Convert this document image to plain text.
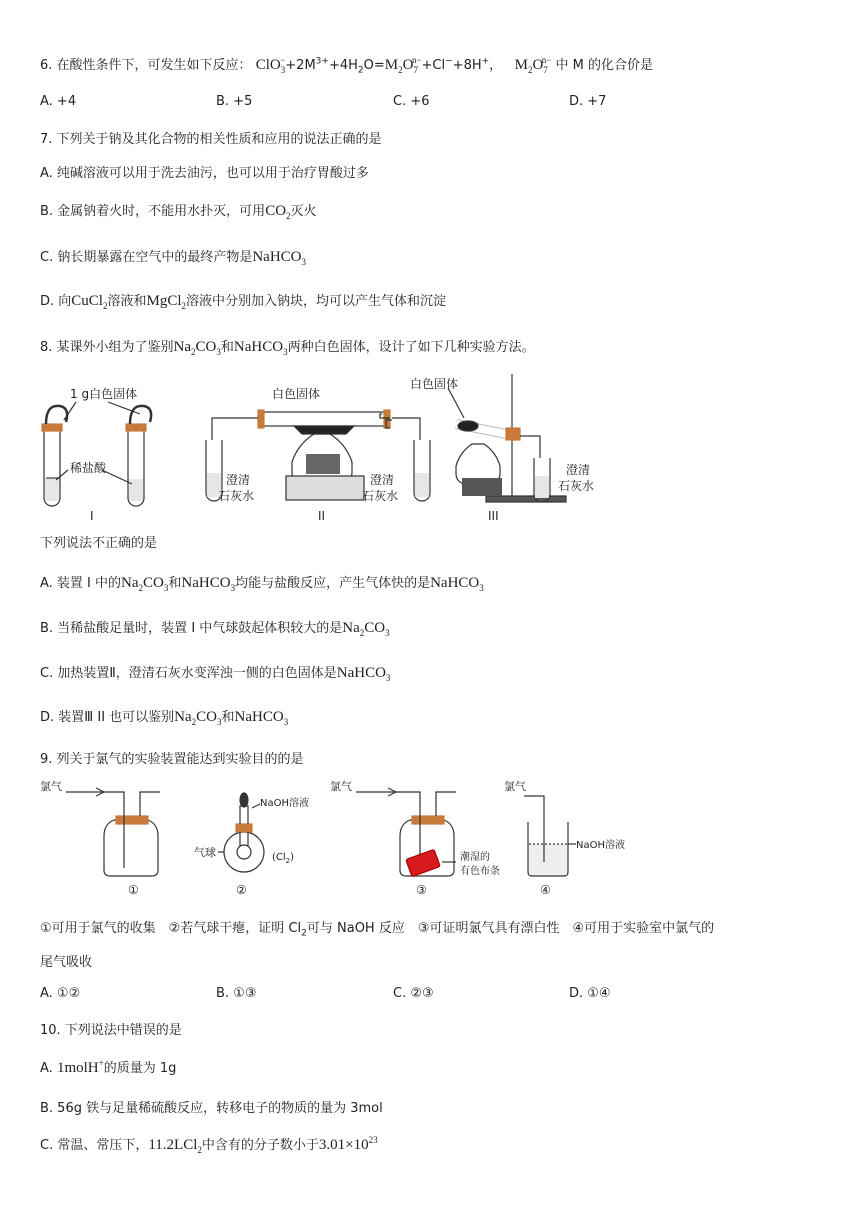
6. 在酸性条件下，可发生如下反应： $ClO_3^-+2M^{3+}+4H_2O=M_2O_7^{n-}+Cl^-+8H^+$， $M_2O_7^{n-}$ 中 M 的化合价是
A. +4	B. +5	C. +6	D. +7
7. 下列关于钠及其化合物的相关性质和应用的说法正确的是
A. 纯碱溶液可以用于洗去油污，也可以用于治疗胃酸过多
B. 金属钠着火时，不能用水扑灭，可用$CO_2$灭火
C. 钠长期暴露在空气中的最终产物是NaHCO$_3$
D. 向CuCl$_2$溶液和MgCl$_2$溶液中分别加入钠块，均可以产生气体和沉淀
8. 某课外小组为了鉴别$Na_2CO_3$和NaHCO$_3$两种白色固体，设计了如下几种实验方法。
1 g白色固体
稀盐酸
I
白色固体
澄清
石灰水
澄清
石灰水
II
白色固体
澄清
石灰水
III
下列说法不正确的是
A. 装置 I 中的$Na_2CO_3$和NaHCO$_3$均能与盐酸反应，产生气体快的是NaHCO$_3$
B. 当稀盐酸足量时，装置 I 中气球鼓起体积较大的是$Na_2CO_3$
C. 加热装置Ⅱ，澄清石灰水变浑浊一侧的白色固体是NaHCO$_3$
D. 装置Ⅲ II 也可以鉴别$Na_2CO_3$和NaHCO$_3$
9. 列关于氯气的实验装置能达到实验目的的是
氯气
①
NaOH溶液
气球	$(Cl_2)$
②
氯气
潮湿的
有色布条
③
氯气
NaOH溶液
④
①可用于氯气的收集　②若气球干瘪，证明 $Cl_2$可与 NaOH 反应　③可证明氯气具有漂白性　④可用于实验室中氯气的
尾气吸收
A. ①②	B. ①③	C. ②③	D. ①④
10. 下列说法中错误的是
A. 1molH+的质量为 1g
B. 56g 铁与足量稀硫酸反应，转移电子的物质的量为 3mol
C. 常温、常压下，11.2LCl$_2$中含有的分子数小于$3.01\times 10^{23}$
